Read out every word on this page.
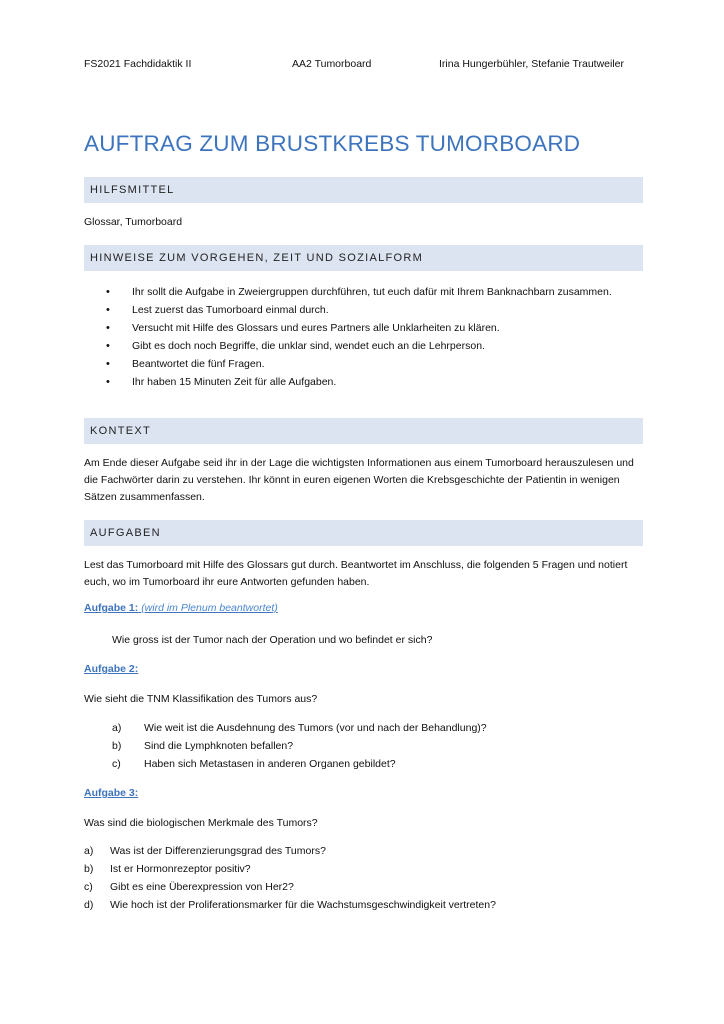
FS2021 Fachdidaktik II	AA2 Tumorboard	Irina Hungerbühler, Stefanie Trautweiler
AUFTRAG ZUM BRUSTKREBS TUMORBOARD
HILFSMITTEL
Glossar, Tumorboard
HINWEISE ZUM VORGEHEN, ZEIT UND SOZIALFORM
• Ihr sollt die Aufgabe in Zweiergruppen durchführen, tut euch dafür mit Ihrem Banknachbarn zusammen.
• Lest zuerst das Tumorboard einmal durch.
• Versucht mit Hilfe des Glossars und eures Partners alle Unklarheiten zu klären.
• Gibt es doch noch Begriffe, die unklar sind, wendet euch an die Lehrperson.
• Beantwortet die fünf Fragen.
• Ihr haben 15 Minuten Zeit für alle Aufgaben.
KONTEXT
Am Ende dieser Aufgabe seid ihr in der Lage die wichtigsten Informationen aus einem Tumorboard herauszulesen und die Fachwörter darin zu verstehen. Ihr könnt in euren eigenen Worten die Krebsgeschichte der Patientin in wenigen Sätzen zusammenfassen.
AUFGABEN
Lest das Tumorboard mit Hilfe des Glossars gut durch. Beantwortet im Anschluss, die folgenden 5 Fragen und notiert euch, wo im Tumorboard ihr eure Antworten gefunden haben.
Aufgabe 1: (wird im Plenum beantwortet)
Wie gross ist der Tumor nach der Operation und wo befindet er sich?
Aufgabe 2:
Wie sieht die TNM Klassifikation des Tumors aus?
a) Wie weit ist die Ausdehnung des Tumors (vor und nach der Behandlung)?
b) Sind die Lymphknoten befallen?
c) Haben sich Metastasen in anderen Organen gebildet?
Aufgabe 3:
Was sind die biologischen Merkmale des Tumors?
a) Was ist der Differenzierungsgrad des Tumors?
b) Ist er Hormonrezeptor positiv?
c) Gibt es eine Überexpression von Her2?
d) Wie hoch ist der Proliferationsmarker für die Wachstumsgeschwindigkeit vertreten?
